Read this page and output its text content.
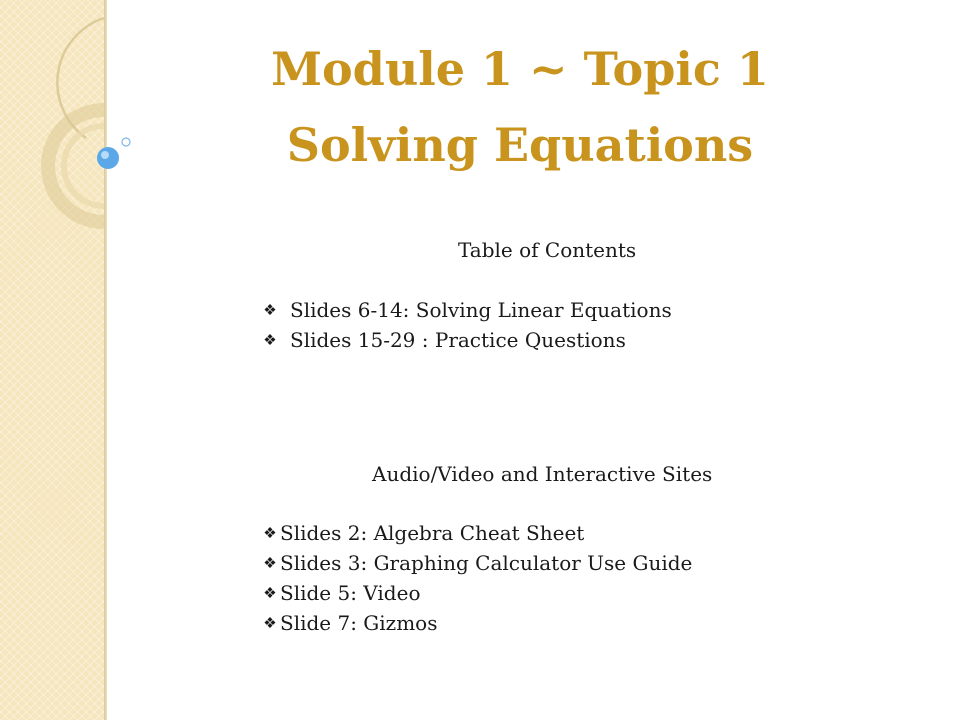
Module 1 ~ Topic 1
Solving Equations
Table of Contents
❖ Slides 6-14: Solving Linear Equations
❖ Slides 15-29 : Practice Questions
Audio/Video and Interactive Sites
❖ Slides 2: Algebra Cheat Sheet
❖ Slides 3: Graphing Calculator Use Guide
❖ Slide 5: Video
❖ Slide 7: Gizmos
